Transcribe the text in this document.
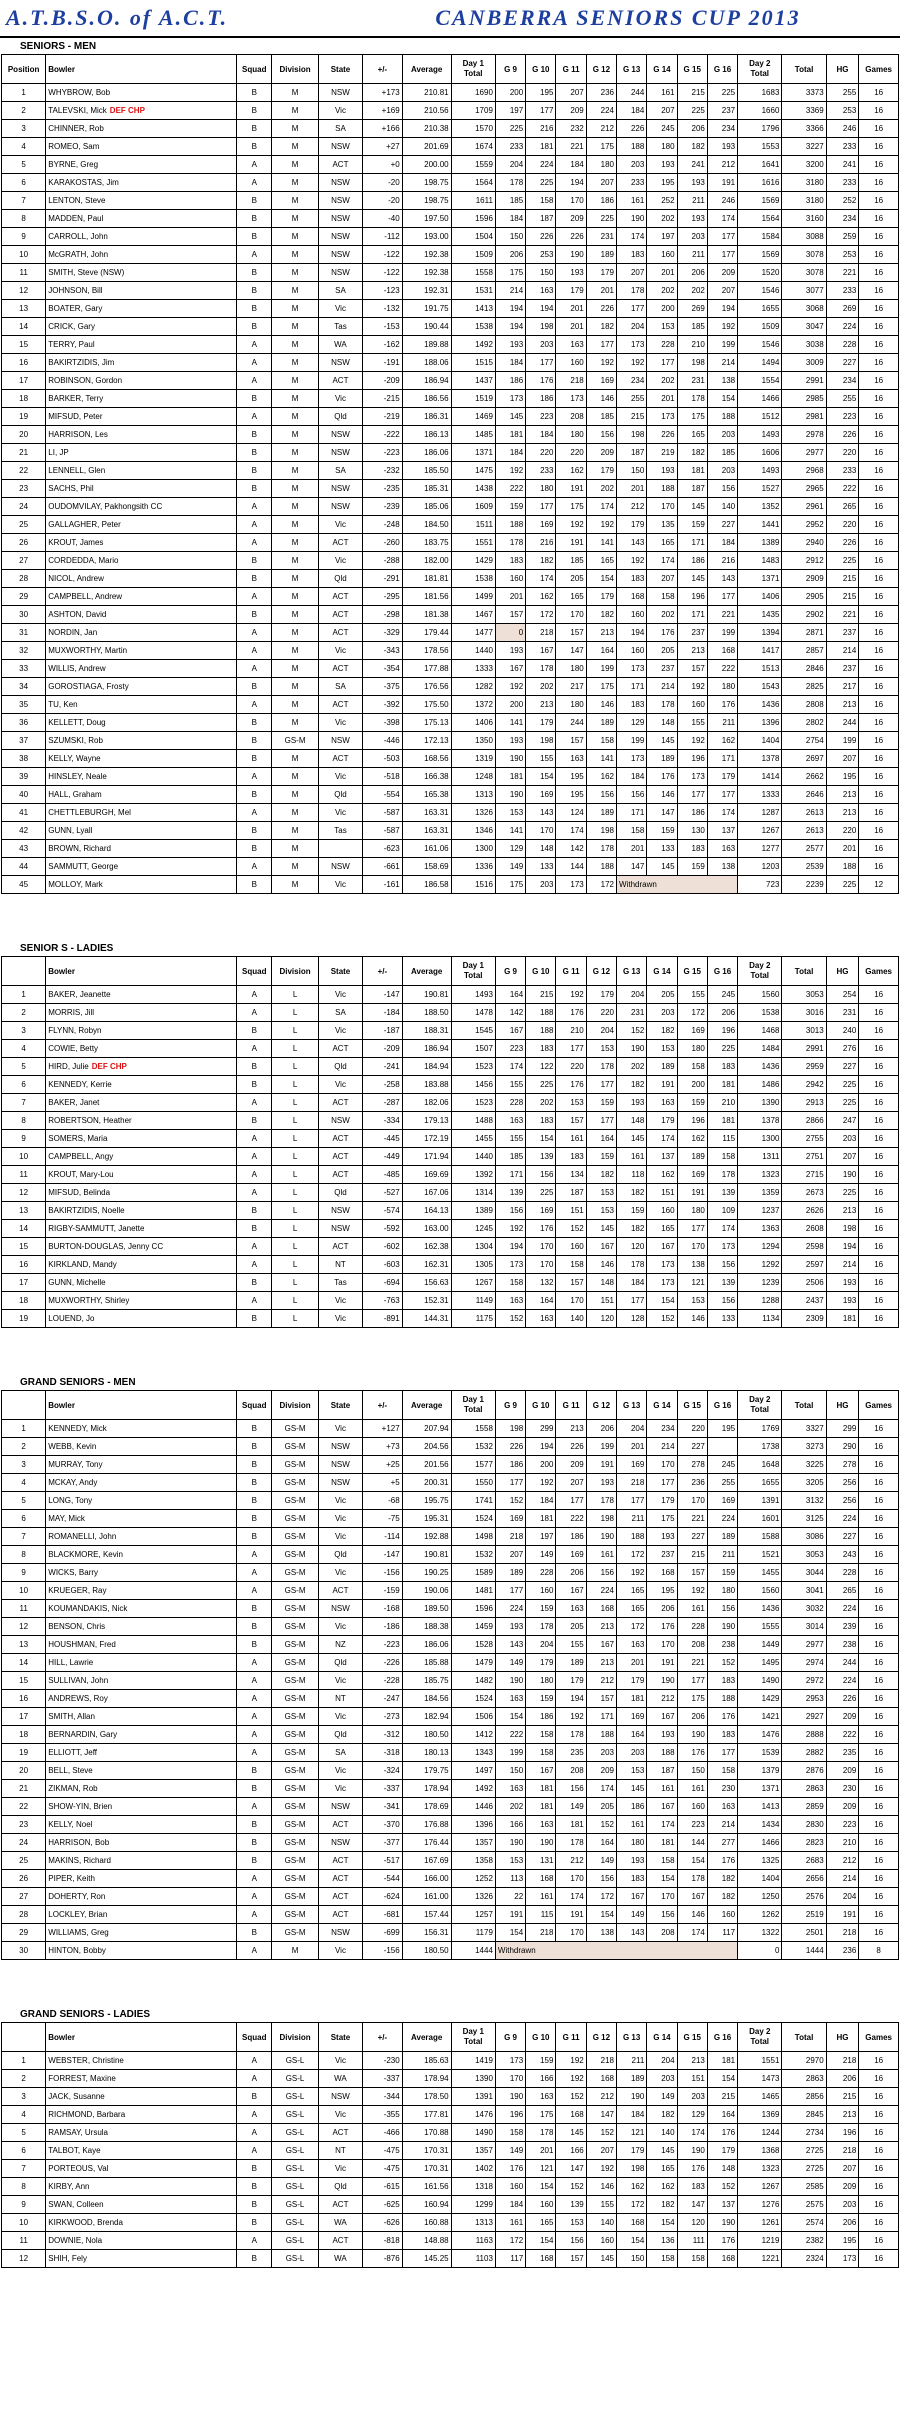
A.T.B.S.O. of A.C.T.	CANBERRA SENIORS CUP 2013
SENIORS - MEN
Position	Bowler	Squad	Division	State	+/-	Average	Day 1 Total	G 9	G 10	G 11	G 12	G 13	G 14	G 15	G 16	Day 2 Total	Total	HG	Games
1	WHYBROW, Bob	B	M	NSW	+173	210.81	1690	200	195	207	236	244	161	215	225	1683	3373	255	16
2	TALEVSKI, Mick DEF CHP	B	M	Vic	+169	210.56	1709	197	177	209	224	184	207	225	237	1660	3369	253	16
3	CHINNER, Rob	B	M	SA	+166	210.38	1570	225	216	232	212	226	245	206	234	1796	3366	246	16
4	ROMEO, Sam	B	M	NSW	+27	201.69	1674	233	181	221	175	188	180	182	193	1553	3227	233	16
5	BYRNE, Greg	A	M	ACT	+0	200.00	1559	204	224	184	180	203	193	241	212	1641	3200	241	16
6	KARAKOSTAS, Jim	A	M	NSW	-20	198.75	1564	178	225	194	207	233	195	193	191	1616	3180	233	16
7	LENTON, Steve	B	M	NSW	-20	198.75	1611	185	158	170	186	161	252	211	246	1569	3180	252	16
8	MADDEN, Paul	B	M	NSW	-40	197.50	1596	184	187	209	225	190	202	193	174	1564	3160	234	16
9	CARROLL, John	B	M	NSW	-112	193.00	1504	150	226	226	231	174	197	203	177	1584	3088	259	16
10	McGRATH, John	A	M	NSW	-122	192.38	1509	206	253	190	189	183	160	211	177	1569	3078	253	16
11	SMITH, Steve (NSW)	B	M	NSW	-122	192.38	1558	175	150	193	179	207	201	206	209	1520	3078	221	16
12	JOHNSON, Bill	B	M	SA	-123	192.31	1531	214	163	179	201	178	202	202	207	1546	3077	233	16
13	BOATER, Gary	B	M	Vic	-132	191.75	1413	194	194	201	226	177	200	269	194	1655	3068	269	16
14	CRICK, Gary	B	M	Tas	-153	190.44	1538	194	198	201	182	204	153	185	192	1509	3047	224	16
15	TERRY, Paul	A	M	WA	-162	189.88	1492	193	203	163	177	173	228	210	199	1546	3038	228	16
16	BAKIRTZIDIS, Jim	A	M	NSW	-191	188.06	1515	184	177	160	192	192	177	198	214	1494	3009	227	16
17	ROBINSON, Gordon	A	M	ACT	-209	186.94	1437	186	176	218	169	234	202	231	138	1554	2991	234	16
18	BARKER, Terry	B	M	Vic	-215	186.56	1519	173	186	173	146	255	201	178	154	1466	2985	255	16
19	MIFSUD, Peter	A	M	Qld	-219	186.31	1469	145	223	208	185	215	173	175	188	1512	2981	223	16
20	HARRISON, Les	B	M	NSW	-222	186.13	1485	181	184	180	156	198	226	165	203	1493	2978	226	16
21	LI, JP	B	M	NSW	-223	186.06	1371	184	220	220	209	187	219	182	185	1606	2977	220	16
22	LENNELL, Glen	B	M	SA	-232	185.50	1475	192	233	162	179	150	193	181	203	1493	2968	233	16
23	SACHS, Phil	B	M	NSW	-235	185.31	1438	222	180	191	202	201	188	187	156	1527	2965	222	16
24	OUDOMVILAY, Pakhongsith CC	A	M	NSW	-239	185.06	1609	159	177	175	174	212	170	145	140	1352	2961	265	16
25	GALLAGHER, Peter	A	M	Vic	-248	184.50	1511	188	169	192	192	179	135	159	227	1441	2952	220	16
26	KROUT, James	A	M	ACT	-260	183.75	1551	178	216	191	141	143	165	171	184	1389	2940	226	16
27	CORDEDDA, Mario	B	M	Vic	-288	182.00	1429	183	182	185	165	192	174	186	216	1483	2912	225	16
28	NICOL, Andrew	B	M	Qld	-291	181.81	1538	160	174	205	154	183	207	145	143	1371	2909	215	16
29	CAMPBELL, Andrew	A	M	ACT	-295	181.56	1499	201	162	165	179	168	158	196	177	1406	2905	215	16
30	ASHTON, David	B	M	ACT	-298	181.38	1467	157	172	170	182	160	202	171	221	1435	2902	221	16
31	NORDIN, Jan	A	M	ACT	-329	179.44	1477	0	218	157	213	194	176	237	199	1394	2871	237	16
32	MUXWORTHY, Martin	A	M	Vic	-343	178.56	1440	193	167	147	164	160	205	213	168	1417	2857	214	16
33	WILLIS, Andrew	A	M	ACT	-354	177.88	1333	167	178	180	199	173	237	157	222	1513	2846	237	16
34	GOROSTIAGA, Frosty	B	M	SA	-375	176.56	1282	192	202	217	175	171	214	192	180	1543	2825	217	16
35	TU, Ken	A	M	ACT	-392	175.50	1372	200	213	180	146	183	178	160	176	1436	2808	213	16
36	KELLETT, Doug	B	M	Vic	-398	175.13	1406	141	179	244	189	129	148	155	211	1396	2802	244	16
37	SZUMSKI, Rob	B	GS-M	NSW	-446	172.13	1350	193	198	157	158	199	145	192	162	1404	2754	199	16
38	KELLY, Wayne	B	M	ACT	-503	168.56	1319	190	155	163	141	173	189	196	171	1378	2697	207	16
39	HINSLEY, Neale	A	M	Vic	-518	166.38	1248	181	154	195	162	184	176	173	179	1414	2662	195	16
40	HALL, Graham	B	M	Qld	-554	165.38	1313	190	169	195	156	156	146	177	177	1333	2646	213	16
41	CHETTLEBURGH, Mel	A	M	Vic	-587	163.31	1326	153	143	124	189	171	147	186	174	1287	2613	213	16
42	GUNN, Lyall	B	M	Tas	-587	163.31	1346	141	170	174	198	158	159	130	137	1267	2613	220	16
43	BROWN, Richard	B	M		-623	161.06	1300	129	148	142	178	201	133	183	163	1277	2577	201	16
44	SAMMUTT, George	A	M	NSW	-661	158.69	1336	149	133	144	188	147	145	159	138	1203	2539	188	16
45	MOLLOY, Mark	B	M	Vic	-161	186.58	1516	175	203	173	172	Withdrawn				723	2239	225	12
SENIOR S - LADIES
	Bowler	Squad	Division	State	+/-	Average	Day 1 Total	G 9	G 10	G 11	G 12	G 13	G 14	G 15	G 16	Day 2 Total	Total	HG	Games
1	BAKER, Jeanette	A	L	Vic	-147	190.81	1493	164	215	192	179	204	205	155	245	1560	3053	254	16
2	MORRIS, Jill	A	L	SA	-184	188.50	1478	142	188	176	220	231	203	172	206	1538	3016	231	16
3	FLYNN, Robyn	B	L	Vic	-187	188.31	1545	167	188	210	204	152	182	169	196	1468	3013	240	16
4	COWIE, Betty	A	L	ACT	-209	186.94	1507	223	183	177	153	190	153	180	225	1484	2991	276	16
5	HIRD, Julie DEF CHP	B	L	Qld	-241	184.94	1523	174	122	220	178	202	189	158	183	1436	2959	227	16
6	KENNEDY, Kerrie	B	L	Vic	-258	183.88	1456	155	225	176	177	182	191	200	181	1486	2942	225	16
7	BAKER, Janet	A	L	ACT	-287	182.06	1523	228	202	153	159	193	163	159	210	1390	2913	225	16
8	ROBERTSON, Heather	B	L	NSW	-334	179.13	1488	163	183	157	177	148	179	196	181	1378	2866	247	16
9	SOMERS, Maria	A	L	ACT	-445	172.19	1455	155	154	161	164	145	174	162	115	1300	2755	203	16
10	CAMPBELL, Angy	A	L	ACT	-449	171.94	1440	185	139	183	159	161	137	189	158	1311	2751	207	16
11	KROUT, Mary-Lou	A	L	ACT	-485	169.69	1392	171	156	134	182	118	162	169	178	1323	2715	190	16
12	MIFSUD, Belinda	A	L	Qld	-527	167.06	1314	139	225	187	153	182	151	191	139	1359	2673	225	16
13	BAKIRTZIDIS, Noelle	B	L	NSW	-574	164.13	1389	156	169	151	153	159	160	180	109	1237	2626	213	16
14	RIGBY-SAMMUTT, Janette	B	L	NSW	-592	163.00	1245	192	176	152	145	182	165	177	174	1363	2608	198	16
15	BURTON-DOUGLAS, Jenny CC	A	L	ACT	-602	162.38	1304	194	170	160	167	120	167	170	173	1294	2598	194	16
16	KIRKLAND, Mandy	A	L	NT	-603	162.31	1305	173	170	158	146	178	173	138	156	1292	2597	214	16
17	GUNN, Michelle	B	L	Tas	-694	156.63	1267	158	132	157	148	184	173	121	139	1239	2506	193	16
18	MUXWORTHY, Shirley	A	L	Vic	-763	152.31	1149	163	164	170	151	177	154	153	156	1288	2437	193	16
19	LOUEND, Jo	B	L	Vic	-891	144.31	1175	152	163	140	120	128	152	146	133	1134	2309	181	16
GRAND SENIORS - MEN
	Bowler	Squad	Division	State	+/-	Average	Day 1 Total	G 9	G 10	G 11	G 12	G 13	G 14	G 15	G 16	Day 2 Total	Total	HG	Games
1	KENNEDY, Mick	B	GS-M	Vic	+127	207.94	1558	198	299	213	206	204	234	220	195	1769	3327	299	16
2	WEBB, Kevin	B	GS-M	NSW	+73	204.56	1532	226	194	226	199	201	214	227		1738	3273	290	16
3	MURRAY, Tony	B	GS-M	NSW	+25	201.56	1577	186	200	209	191	169	170	278	245	1648	3225	278	16
4	MCKAY, Andy	B	GS-M	NSW	+5	200.31	1550	177	192	207	193	218	177	236	255	1655	3205	256	16
5	LONG, Tony	B	GS-M	Vic	-68	195.75	1741	152	184	177	178	177	179	170	169	1391	3132	256	16
6	MAY, Mick	B	GS-M	Vic	-75	195.31	1524	169	181	222	198	211	175	221	224	1601	3125	224	16
7	ROMANELLI, John	B	GS-M	Vic	-114	192.88	1498	218	197	186	190	188	193	227	189	1588	3086	227	16
8	BLACKMORE, Kevin	A	GS-M	Qld	-147	190.81	1532	207	149	169	161	172	237	215	211	1521	3053	243	16
9	WICKS, Barry	A	GS-M	Vic	-156	190.25	1589	189	228	206	156	192	168	157	159	1455	3044	228	16
10	KRUEGER, Ray	A	GS-M	ACT	-159	190.06	1481	177	160	167	224	165	195	192	180	1560	3041	265	16
11	KOUMANDAKIS, Nick	B	GS-M	NSW	-168	189.50	1596	224	159	163	168	165	206	161	156	1436	3032	224	16
12	BENSON, Chris	B	GS-M	Vic	-186	188.38	1459	193	178	205	213	172	176	228	190	1555	3014	239	16
13	HOUSHMAN, Fred	B	GS-M	NZ	-223	186.06	1528	143	204	155	167	163	170	208	238	1449	2977	238	16
14	HILL, Lawrie	A	GS-M	Qld	-226	185.88	1479	149	179	189	213	201	191	221	152	1495	2974	244	16
15	SULLIVAN, John	A	GS-M	Vic	-228	185.75	1482	190	180	179	212	179	190	177	183	1490	2972	224	16
16	ANDREWS, Roy	A	GS-M	NT	-247	184.56	1524	163	159	194	157	181	212	175	188	1429	2953	226	16
17	SMITH, Allan	A	GS-M	Vic	-273	182.94	1506	154	186	192	171	169	167	206	176	1421	2927	209	16
18	BERNARDIN, Gary	A	GS-M	Qld	-312	180.50	1412	222	158	178	188	164	193	190	183	1476	2888	222	16
19	ELLIOTT, Jeff	A	GS-M	SA	-318	180.13	1343	199	158	235	203	203	188	176	177	1539	2882	235	16
20	BELL, Steve	B	GS-M	Vic	-324	179.75	1497	150	167	208	209	153	187	150	158	1379	2876	209	16
21	ZIKMAN, Rob	B	GS-M	Vic	-337	178.94	1492	163	181	156	174	145	161	161	230	1371	2863	230	16
22	SHOW-YIN, Brien	A	GS-M	NSW	-341	178.69	1446	202	181	149	205	186	167	160	163	1413	2859	209	16
23	KELLY, Noel	B	GS-M	ACT	-370	176.88	1396	166	163	181	152	161	174	223	214	1434	2830	223	16
24	HARRISON, Bob	B	GS-M	NSW	-377	176.44	1357	190	190	178	164	180	181	144	277	1466	2823	210	16
25	MAKINS, Richard	B	GS-M	ACT	-517	167.69	1358	153	131	212	149	193	158	154	176	1325	2683	212	16
26	PIPER, Keith	A	GS-M	ACT	-544	166.00	1252	113	168	170	156	183	154	178	182	1404	2656	214	16
27	DOHERTY, Ron	A	GS-M	ACT	-624	161.00	1326	22	161	174	172	167	170	167	182	1250	2576	204	16
28	LOCKLEY, Brian	A	GS-M	ACT	-681	157.44	1257	191	115	191	154	149	156	146	160	1262	2519	191	16
29	WILLIAMS, Greg	B	GS-M	NSW	-699	156.31	1179	154	218	170	138	143	208	174	117	1322	2501	218	16
30	HINTON, Bobby	A	M	Vic	-156	180.50	1444	Withdrawn								0	1444	236	8
GRAND SENIORS - LADIES
	Bowler	Squad	Division	State	+/-	Average	Day 1 Total	G 9	G 10	G 11	G 12	G 13	G 14	G 15	G 16	Day 2 Total	Total	HG	Games
1	WEBSTER, Christine	A	GS-L	Vic	-230	185.63	1419	173	159	192	218	211	204	213	181	1551	2970	218	16
2	FORREST, Maxine	A	GS-L	WA	-337	178.94	1390	170	166	192	168	189	203	151	154	1473	2863	206	16
3	JACK, Susanne	B	GS-L	NSW	-344	178.50	1391	190	163	152	212	190	149	203	215	1465	2856	215	16
4	RICHMOND, Barbara	A	GS-L	Vic	-355	177.81	1476	196	175	168	147	184	182	129	164	1369	2845	213	16
5	RAMSAY, Ursula	A	GS-L	ACT	-466	170.88	1490	158	178	145	152	121	140	174	176	1244	2734	196	16
6	TALBOT, Kaye	A	GS-L	NT	-475	170.31	1357	149	201	166	207	179	145	190	179	1368	2725	218	16
7	PORTEOUS, Val	B	GS-L	Vic	-475	170.31	1402	176	121	147	192	198	165	176	148	1323	2725	207	16
8	KIRBY, Ann	B	GS-L	Qld	-615	161.56	1318	160	154	152	146	162	162	183	152	1267	2585	209	16
9	SWAN, Colleen	B	GS-L	ACT	-625	160.94	1299	184	160	139	155	172	182	147	137	1276	2575	203	16
10	KIRKWOOD, Brenda	B	GS-L	WA	-626	160.88	1313	161	165	153	140	168	154	120	190	1261	2574	206	16
11	DOWNIE, Nola	A	GS-L	ACT	-818	148.88	1163	172	154	156	160	154	136	111	176	1219	2382	195	16
12	SHIH, Fely	B	GS-L	WA	-876	145.25	1103	117	168	157	145	150	158	158	168	1221	2324	173	16
